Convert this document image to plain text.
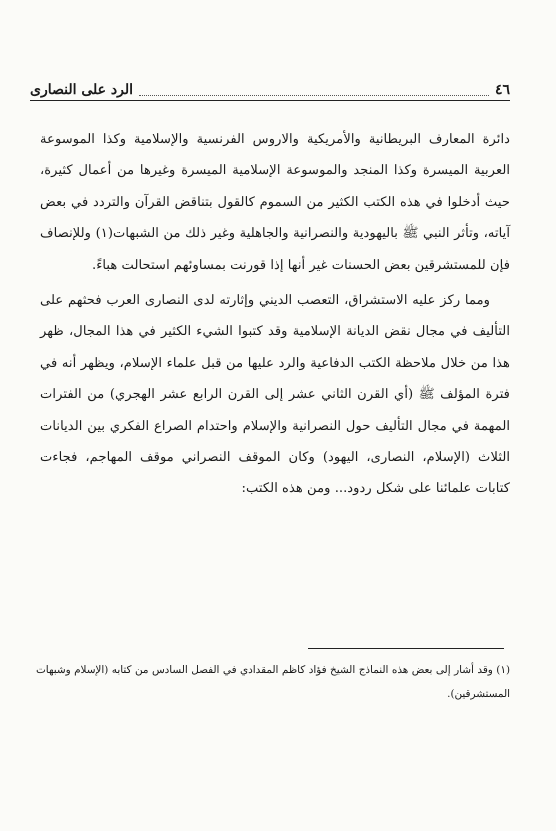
٤٦
الرد على النصارى

دائرة المعارف البريطانية والأمريكية والاروس الفرنسية والإسلامية وكذا الموسوعة العربية الميسرة وكذا المنجد والموسوعة الإسلامية الميسرة وغيرها من أعمال كثيرة، حيث أدخلوا في هذه الكتب الكثير من السموم كالقول بتناقض القرآن والتردد في بعض آياته، وتأثر النبي ﷺ باليهودية والنصرانية والجاهلية وغير ذلك من الشبهات(١) وللإنصاف فإن للمستشرقين بعض الحسنات غير أنها إذا قورنت بمساوئهم استحالت هباءً.

ومما ركز عليه الاستشراق، التعصب الديني وإثارته لدى النصارى العرب فحثهم على التأليف في مجال نقض الديانة الإسلامية وقد كتبوا الشيء الكثير في هذا المجال، ظهر هذا من خلال ملاحظة الكتب الدفاعية والرد عليها من قبل علماء الإسلام، ويظهر أنه في فترة المؤلف ﷺ (أي القرن الثاني عشر إلى القرن الرابع عشر الهجري) من الفترات المهمة في مجال التأليف حول النصرانية والإسلام واحتدام الصراع الفكري بين الديانات الثلاث (الإسلام، النصارى، اليهود) وكان الموقف النصراني موقف المهاجم، فجاءت كتابات علمائنا على شكل ردود... ومن هذه الكتب:

(١) وقد أشار إلى بعض هذه النماذج الشيخ فؤاد كاظم المقدادي في الفصل السادس من كتابه (الإسلام وشبهات المستشرقين).
